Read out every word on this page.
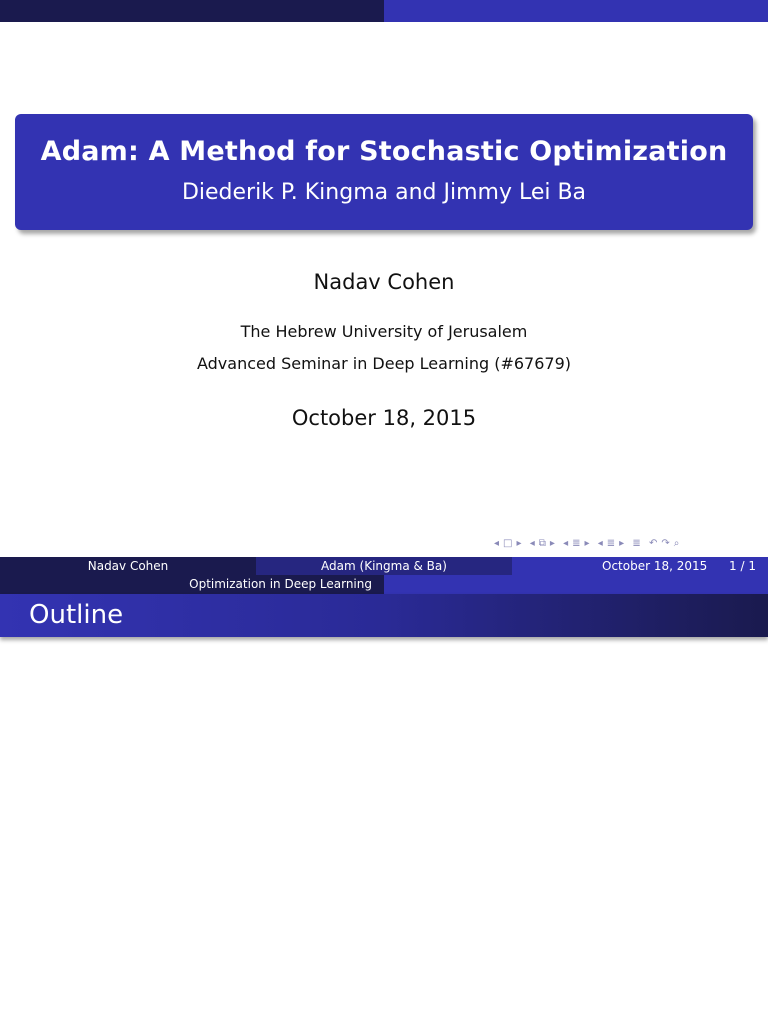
Adam: A Method for Stochastic Optimization
Diederik P. Kingma and Jimmy Lei Ba
Nadav Cohen
The Hebrew University of Jerusalem
Advanced Seminar in Deep Learning (#67679)
October 18, 2015
◂ □ ▸ ◂ ⧉ ▸ ◂ ≣ ▸ ◂ ≣ ▸ ≣ ↶ ↷ ⌕
Nadav Cohen	Adam (Kingma & Ba)	October 18, 2015 1 / 1
Optimization in Deep Learning
Outline
